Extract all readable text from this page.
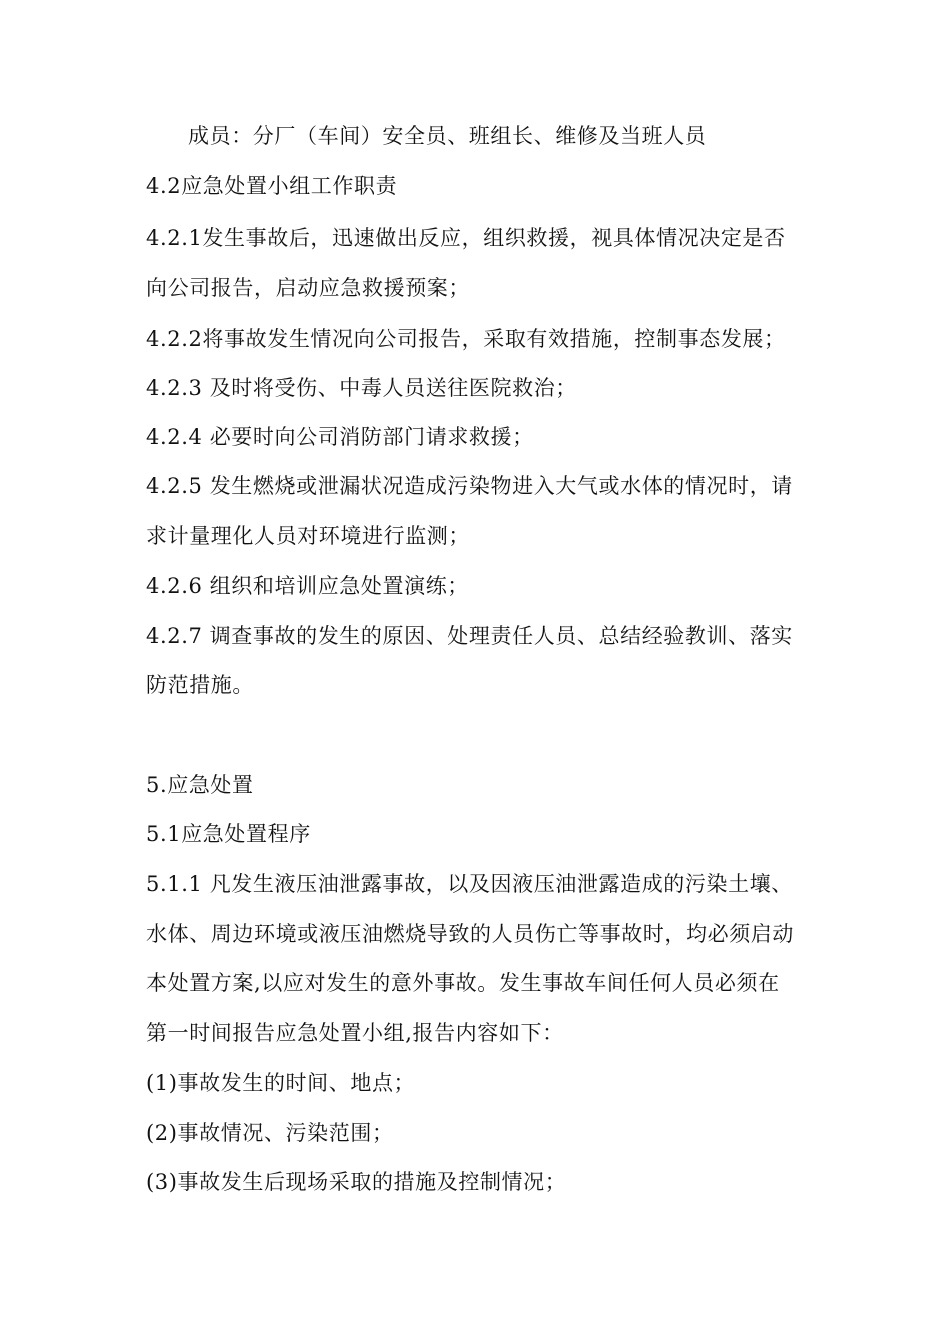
成员：分厂（车间）安全员、班组长、维修及当班人员
4.2应急处置小组工作职责
4.2.1发生事故后，迅速做出反应，组织救援，视具体情况决定是否
向公司报告，启动应急救援预案；
4.2.2将事故发生情况向公司报告，采取有效措施，控制事态发展；
4.2.3 及时将受伤、中毒人员送往医院救治；
4.2.4 必要时向公司消防部门请求救援；
4.2.5 发生燃烧或泄漏状况造成污染物进入大气或水体的情况时，请
求计量理化人员对环境进行监测；
4.2.6 组织和培训应急处置演练；
4.2.7 调查事故的发生的原因、处理责任人员、总结经验教训、落实
防范措施。
5.应急处置
5.1应急处置程序
5.1.1 凡发生液压油泄露事故，以及因液压油泄露造成的污染土壤、
水体、周边环境或液压油燃烧导致的人员伤亡等事故时，均必须启动
本处置方案,以应对发生的意外事故。发生事故车间任何人员必须在
第一时间报告应急处置小组,报告内容如下：
(1)事故发生的时间、地点；
(2)事故情况、污染范围；
(3)事故发生后现场采取的措施及控制情况；
